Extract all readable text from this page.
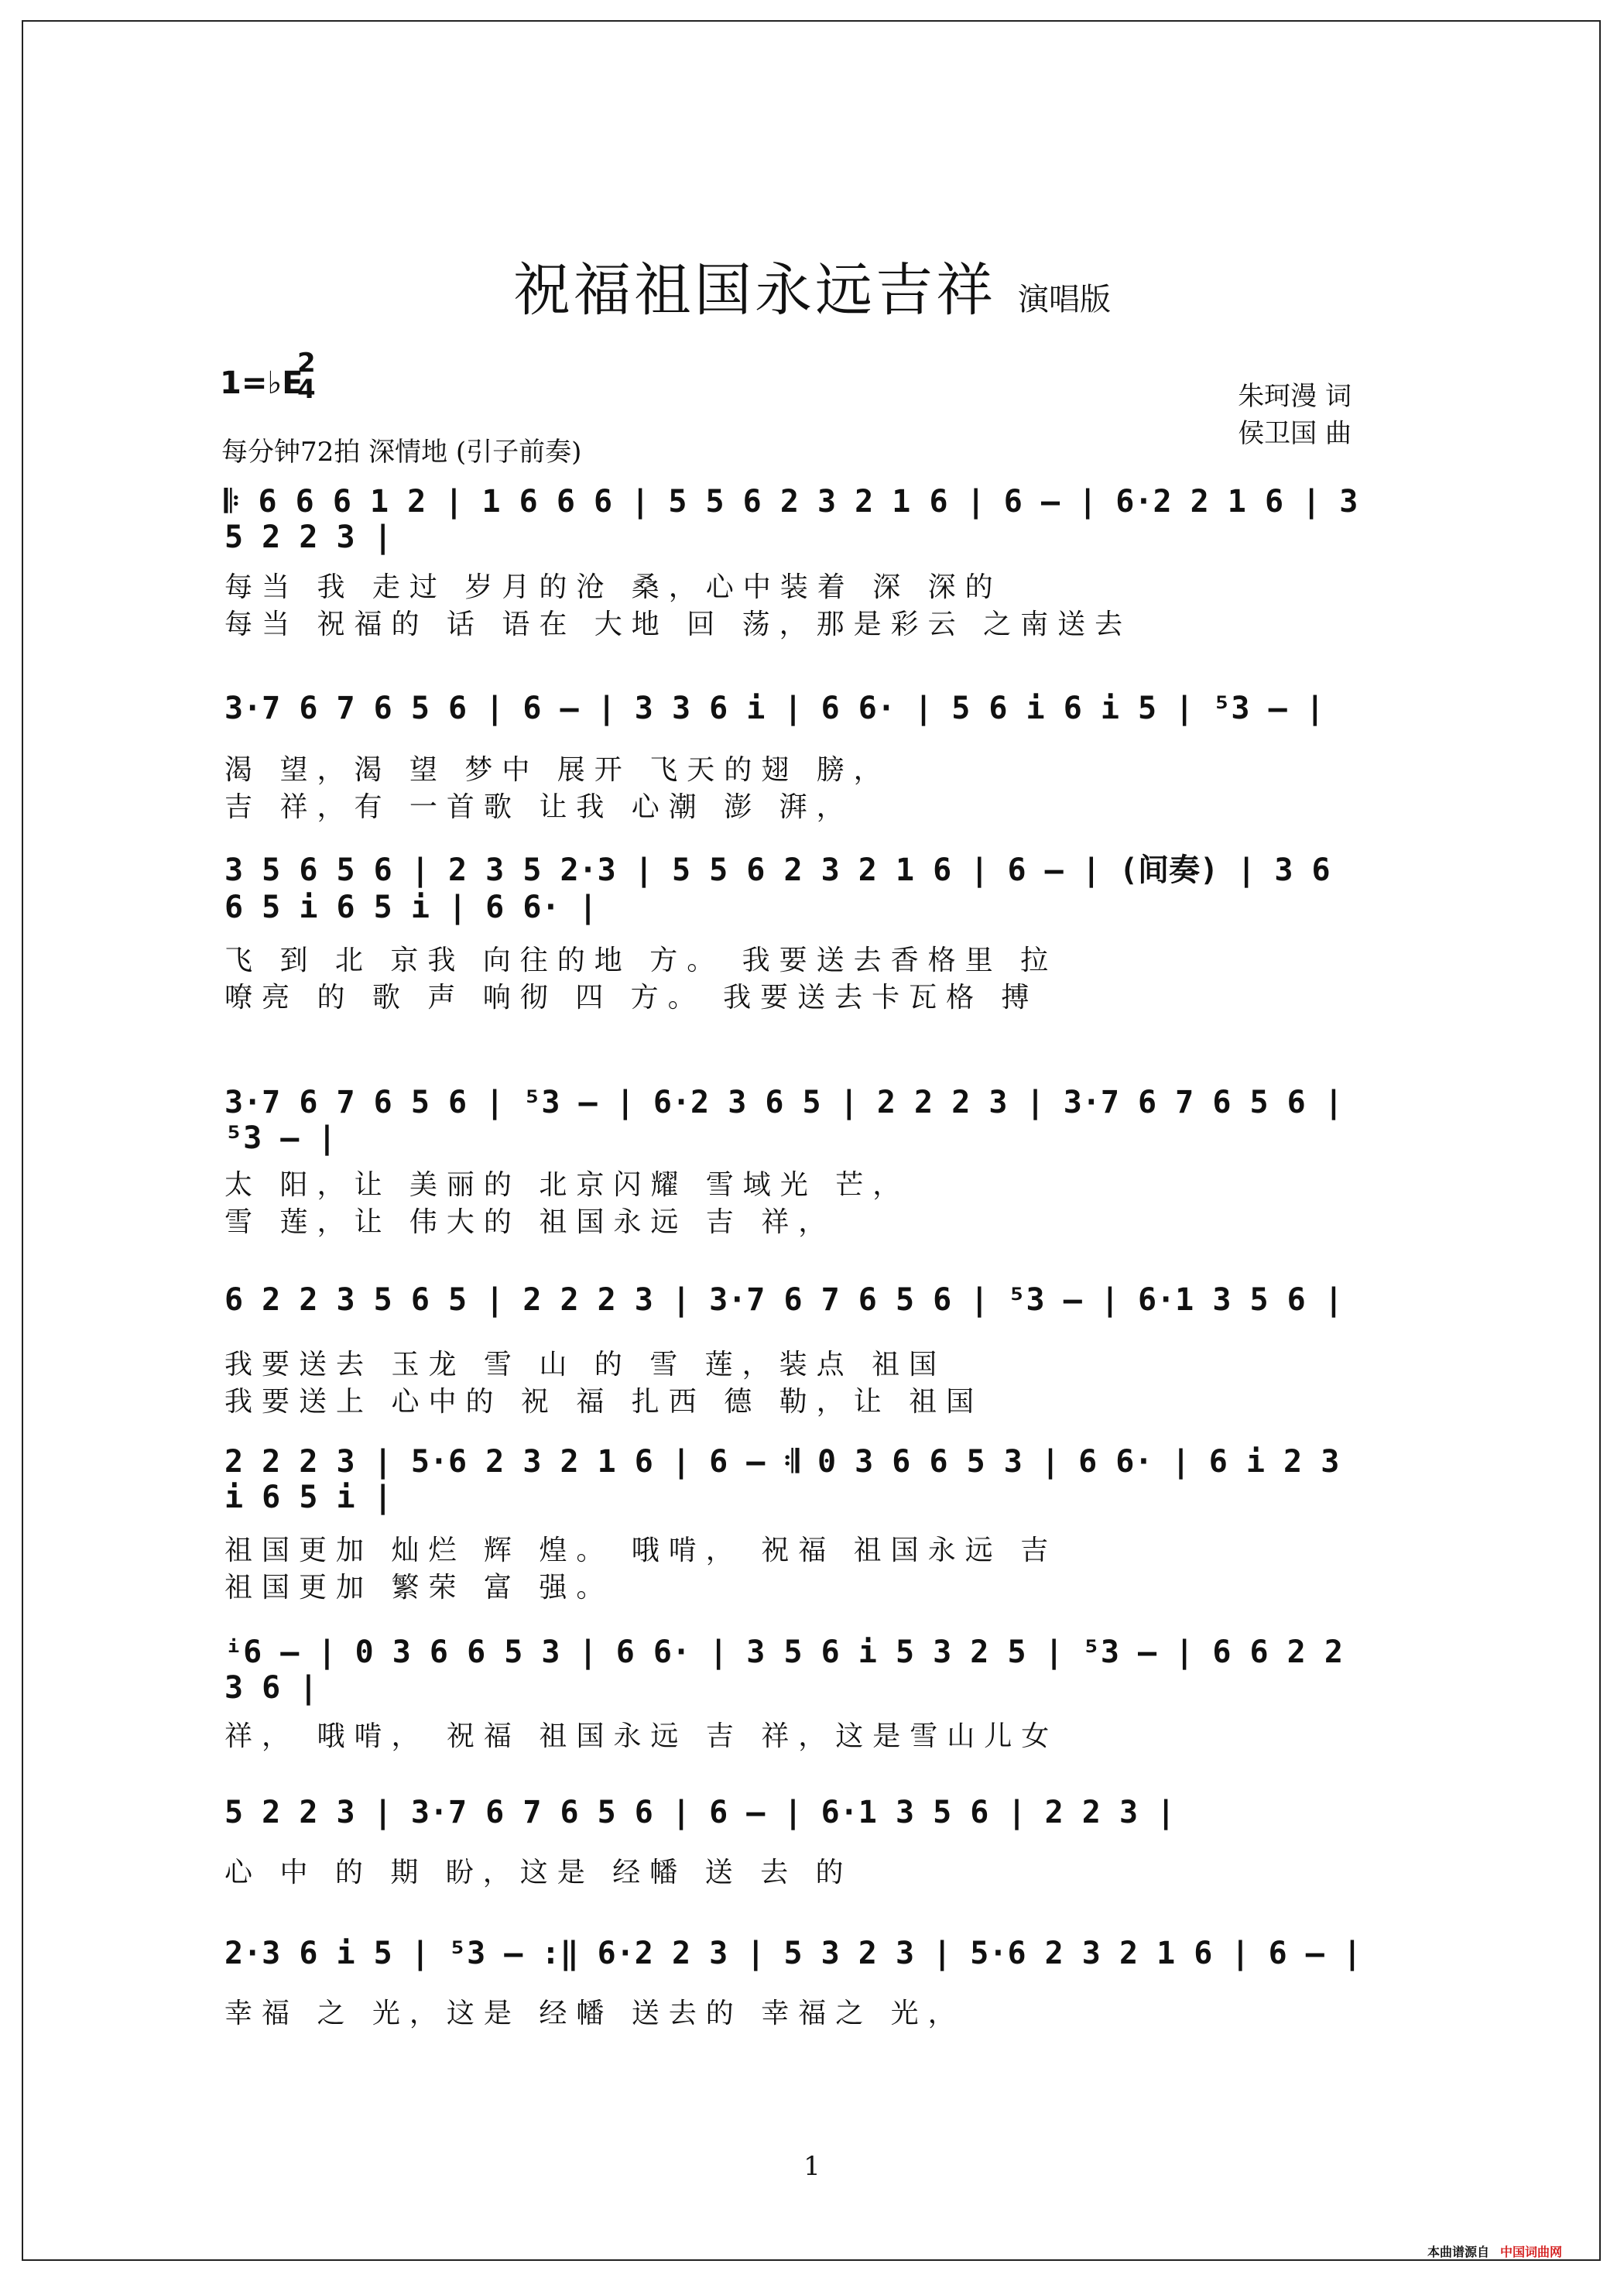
祝福祖国永远吉祥 演唱版
1=♭E
2
4
每分钟72拍 深情地 (引子前奏)
朱珂漫 词
侯卫国 曲
𝄆 6 6 6 1 2 | 1 6 6 6 | 5 5 6 2 3 2 1 6 | 6 – | 6·2 2 1 6 | 3 5 2 2 3 |
每当 我 走过 岁月的沧 桑，心中装着 深 深的
每当 祝福的 话 语在 大地 回 荡，那是彩云 之南送去
3·7 6 7 6 5 6 | 6 – | 3 3 6 i | 6 6· | 5 6 i 6 i 5 | ⁵3 – |
渴 望，渴 望 梦中 展开 飞天的翅 膀，
吉 祥，有 一首歌 让我 心潮 澎 湃，
3 5 6 5 6 | 2 3 5 2·3 | 5 5 6 2 3 2 1 6 | 6 – | (间奏) | 3 6 6 5 i 6 5 i | 6 6· |
飞 到 北 京我 向往的地 方。 我要送去香格里 拉
嘹亮 的 歌 声 响彻 四 方。 我要送去卡瓦格 搏
3·7 6 7 6 5 6 | ⁵3 – | 6·2 3 6 5 | 2 2 2 3 | 3·7 6 7 6 5 6 | ⁵3 – |
太 阳，让 美丽的 北京闪耀 雪域光 芒，
雪 莲，让 伟大的 祖国永远 吉 祥，
6 2 2 3 5 6 5 | 2 2 2 3 | 3·7 6 7 6 5 6 | ⁵3 – | 6·1 3 5 6 |
我要送去 玉龙 雪 山 的 雪 莲，装点 祖国
我要送上 心中的 祝 福 扎西 德 勒，让 祖国
2 2 2 3 | 5·6 2 3 2 1 6 | 6 – 𝄇 0 3 6 6 5 3 | 6 6· | 6 i 2 3 i 6 5 i |
祖国更加 灿烂 辉 煌。 哦啃， 祝福 祖国永远 吉
祖国更加 繁荣 富 强。
ⁱ6 – | 0 3 6 6 5 3 | 6 6· | 3 5 6 i 5 3 2 5 | ⁵3 – | 6 6 2 2 3 6 |
祥， 哦啃， 祝福 祖国永远 吉 祥，这是雪山儿女
5 2 2 3 | 3·7 6 7 6 5 6 | 6 – | 6·1 3 5 6 | 2 2 3 |
心 中 的 期 盼，这是 经幡 送 去 的
2·3 6 i 5 | ⁵3 – :‖ 6·2 2 3 | 5 3 2 3 | 5·6 2 3 2 1 6 | 6 – |
幸福 之 光，这是 经幡 送去的 幸福之 光，
1
本曲谱源自 中国词曲网
